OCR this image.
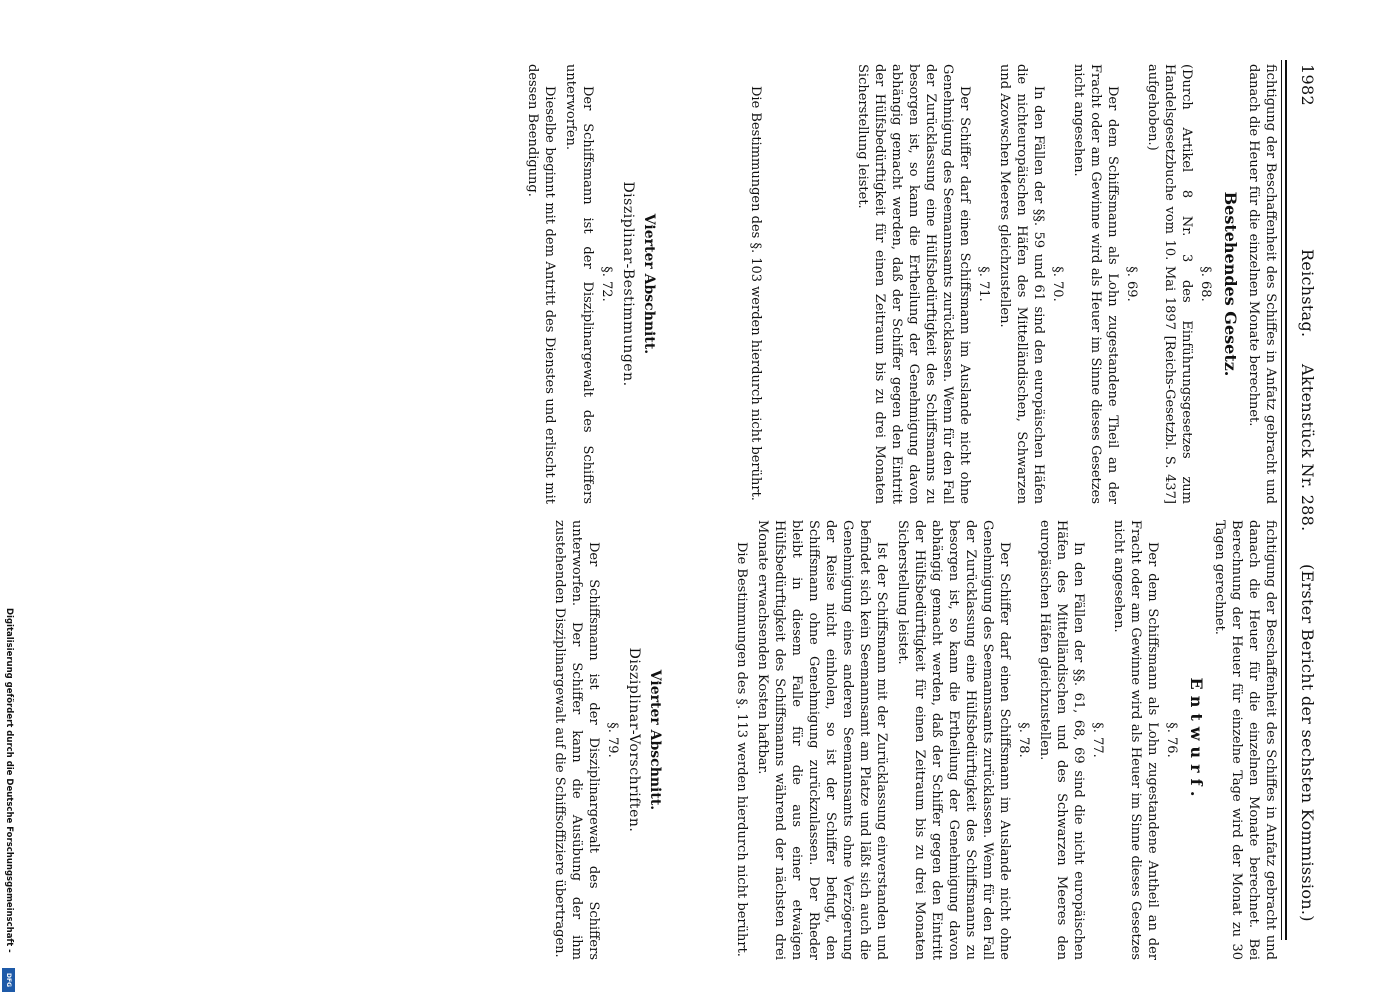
1982
Reichstag.
Aktenstück Nr. 288.
(Erster Bericht der sechsten Kommission.)

fichtigung der Beschaffenheit des Schiffes in Anfatz gebracht und danach die Heuer für die einzelnen Monate berechnet.

Bestehendes Gesetz.

§. 68.

(Durch Artikel 8 Nr. 3 des Einführungsgesetzes zum Handelsgesetzbuche vom 10. Mai 1897 [Reichs-Gesetzbl. S. 437] aufgehoben.)

§. 69.

Der dem Schiffsmann als Lohn zugestandene Theil an der Fracht oder am Gewinne wird als Heuer im Sinne dieses Gesetzes nicht angesehen.

§. 70.

In den Fällen der §§. 59 und 61 sind den europäischen Häfen die nichteuropäischen Häfen des Mittelländischen, Schwarzen und Azowschen Meeres gleichzustellen.

§. 71.

Der Schiffer darf einen Schiffsmann im Auslande nicht ohne Genehmigung des Seemannsamts zurücklassen. Wenn für den Fall der Zurücklassung eine Hülfsbedürftigkeit des Schiffsmanns zu besorgen ist, so kann die Ertheilung der Genehmigung davon abhängig gemacht werden, daß der Schiffer gegen den Eintritt der Hülfsbedürftigkeit für einen Zeitraum bis zu drei Monaten Sicherstellung leistet.

Die Bestimmungen des §. 103 werden hierdurch nicht berührt.

Vierter Abschnitt.

Disziplinar-Bestimmungen.

§. 72.

Der Schiffsmann ist der Disziplinargewalt des Schiffers unterworfen.

Dieselbe beginnt mit dem Antritt des Dienstes und erlischt mit dessen Beendigung.

fichtigung der Beschaffenheit des Schiffes in Anfatz gebracht und danach die Heuer für die einzelnen Monate berechnet. Bei Berechnung der Heuer für einzelne Tage wird der Monat zu 30 Tagen gerechnet.

Entwurf.

§. 76.

Der dem Schiffsmann als Lohn zugestandene Antheil an der Fracht oder am Gewinne wird als Heuer im Sinne dieses Gesetzes nicht angesehen.

§. 77.

In den Fällen der §§. 61, 68, 69 sind die nicht europäischen Häfen des Mittelländischen und des Schwarzen Meeres den europäischen Häfen gleichzustellen.

§. 78.

Der Schiffer darf einen Schiffsmann im Auslande nicht ohne Genehmigung des Seemannsamts zurücklassen. Wenn für den Fall der Zurücklassung eine Hülfsbedürftigkeit des Schiffsmanns zu besorgen ist, so kann die Ertheilung der Genehmigung davon abhängig gemacht werden, daß der Schiffer gegen den Eintritt der Hülfsbedürftigkeit für einen Zeitraum bis zu drei Monaten Sicherstellung leistet.

Ist der Schiffsmann mit der Zurücklassung einverstanden und befindet sich kein Seemannsamt am Platze und läßt sich auch die Genehmigung eines anderen Seemannsamts ohne Verzögerung der Reise nicht einholen, so ist der Schiffer befugt, den Schiffsmann ohne Genehmigung zurückzulassen. Der Rheder bleibt in diesem Falle für die aus einer etwaigen Hülfsbedürftigkeit des Schiffsmanns während der nächsten drei Monate erwachsenden Kosten haftbar.

Die Bestimmungen des §. 113 werden hierdurch nicht berührt.

Vierter Abschnitt.

Disziplinar-Vorschriften.

§. 79.

Der Schiffsmann ist der Disziplinargewalt des Schiffers unterworfen. Der Schiffer kann die Ausübung der ihm zustehenden Disziplinargewalt auf die Schiffsoffiziere übertragen.

Digitalisierung gefördert durch die Deutsche Forschungsgemeinschaft -
DFG
